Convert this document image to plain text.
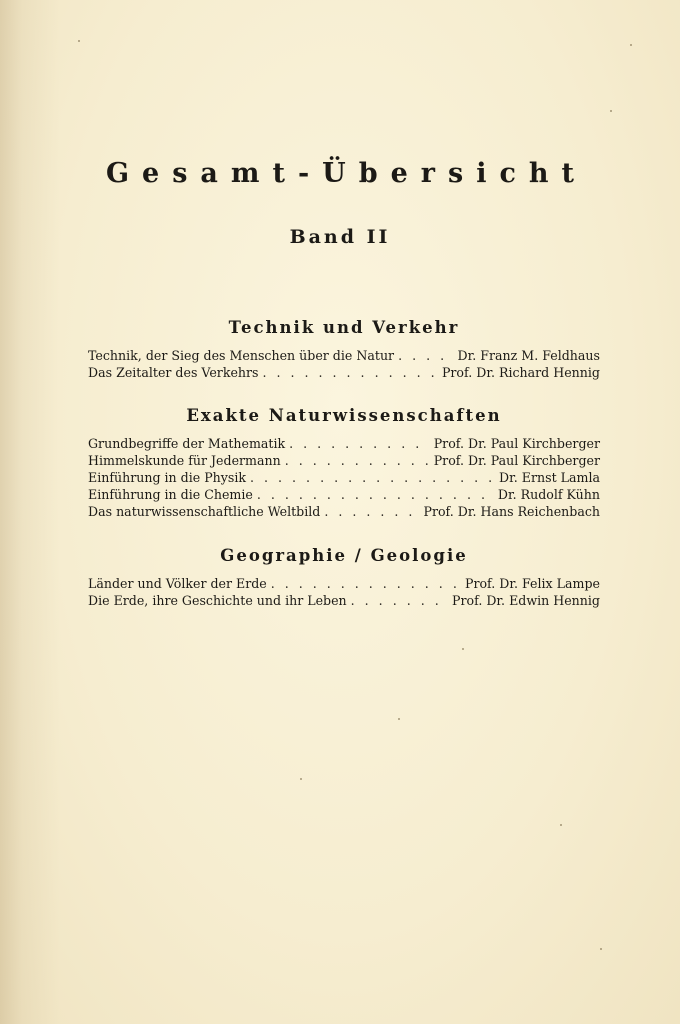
Gesamt-Übersicht
Band II
Technik und Verkehr
Technik, der Sieg des Menschen über die Natur . . .	Dr. Franz M. Feldhaus
Das Zeitalter des Verkehrs . . .	Prof. Dr. Richard Hennig
Exakte Naturwissenschaften
Grundbegriffe der Mathematik . . .	Prof. Dr. Paul Kirchberger
Himmelskunde für Jedermann . . .	Prof. Dr. Paul Kirchberger
Einführung in die Physik . . .	Dr. Ernst Lamla
Einführung in die Chemie . . .	Dr. Rudolf Kühn
Das naturwissenschaftliche Weltbild . . .	Prof. Dr. Hans Reichenbach
Geographie / Geologie
Länder und Völker der Erde . . .	Prof. Dr. Felix Lampe
Die Erde, ihre Geschichte und ihr Leben . . .	Prof. Dr. Edwin Hennig
